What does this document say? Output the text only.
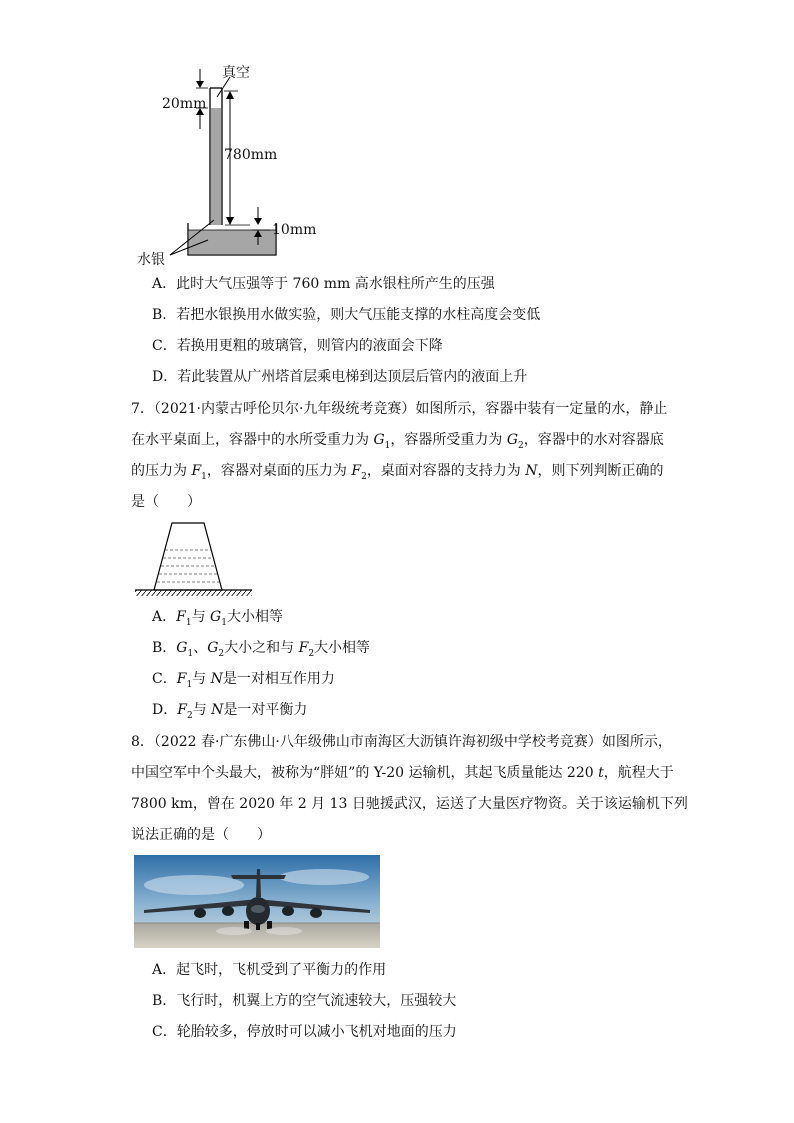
真空
20mm
780mm
10mm
水银
A．此时大气压强等于 760 mm 高水银柱所产生的压强
B．若把水银换用水做实验，则大气压能支撑的水柱高度会变低
C．若换用更粗的玻璃管，则管内的液面会下降
D．若此装置从广州塔首层乘电梯到达顶层后管内的液面上升
7．（2021·内蒙古呼伦贝尔·九年级统考竞赛）如图所示，容器中装有一定量的水，静止
在水平桌面上，容器中的水所受重力为 $G_1$，容器所受重力为 $G_2$，容器中的水对容器底
的压力为 $F_1$，容器对桌面的压力为 $F_2$，桌面对容器的支持力为 N，则下列判断正确的
是（　　）
A．$F_1$与 $G_1$大小相等
B．$G_1$、$G_2$大小之和与 $F_2$大小相等
C．$F_1$与 N是一对相互作用力
D．$F_2$与 N是一对平衡力
8．（2022 春·广东佛山·八年级佛山市南海区大沥镇许海初级中学校考竞赛）如图所示，
中国空军中个头最大，被称为“胖妞”的 Y-20 运输机，其起飞质量能达 220 t，航程大于
7800 km，曾在 2020 年 2 月 13 日驰援武汉，运送了大量医疗物资。关于该运输机下列
说法正确的是（　　）
A．起飞时，飞机受到了平衡力的作用
B．飞行时，机翼上方的空气流速较大，压强较大
C．轮胎较多，停放时可以减小飞机对地面的压力
